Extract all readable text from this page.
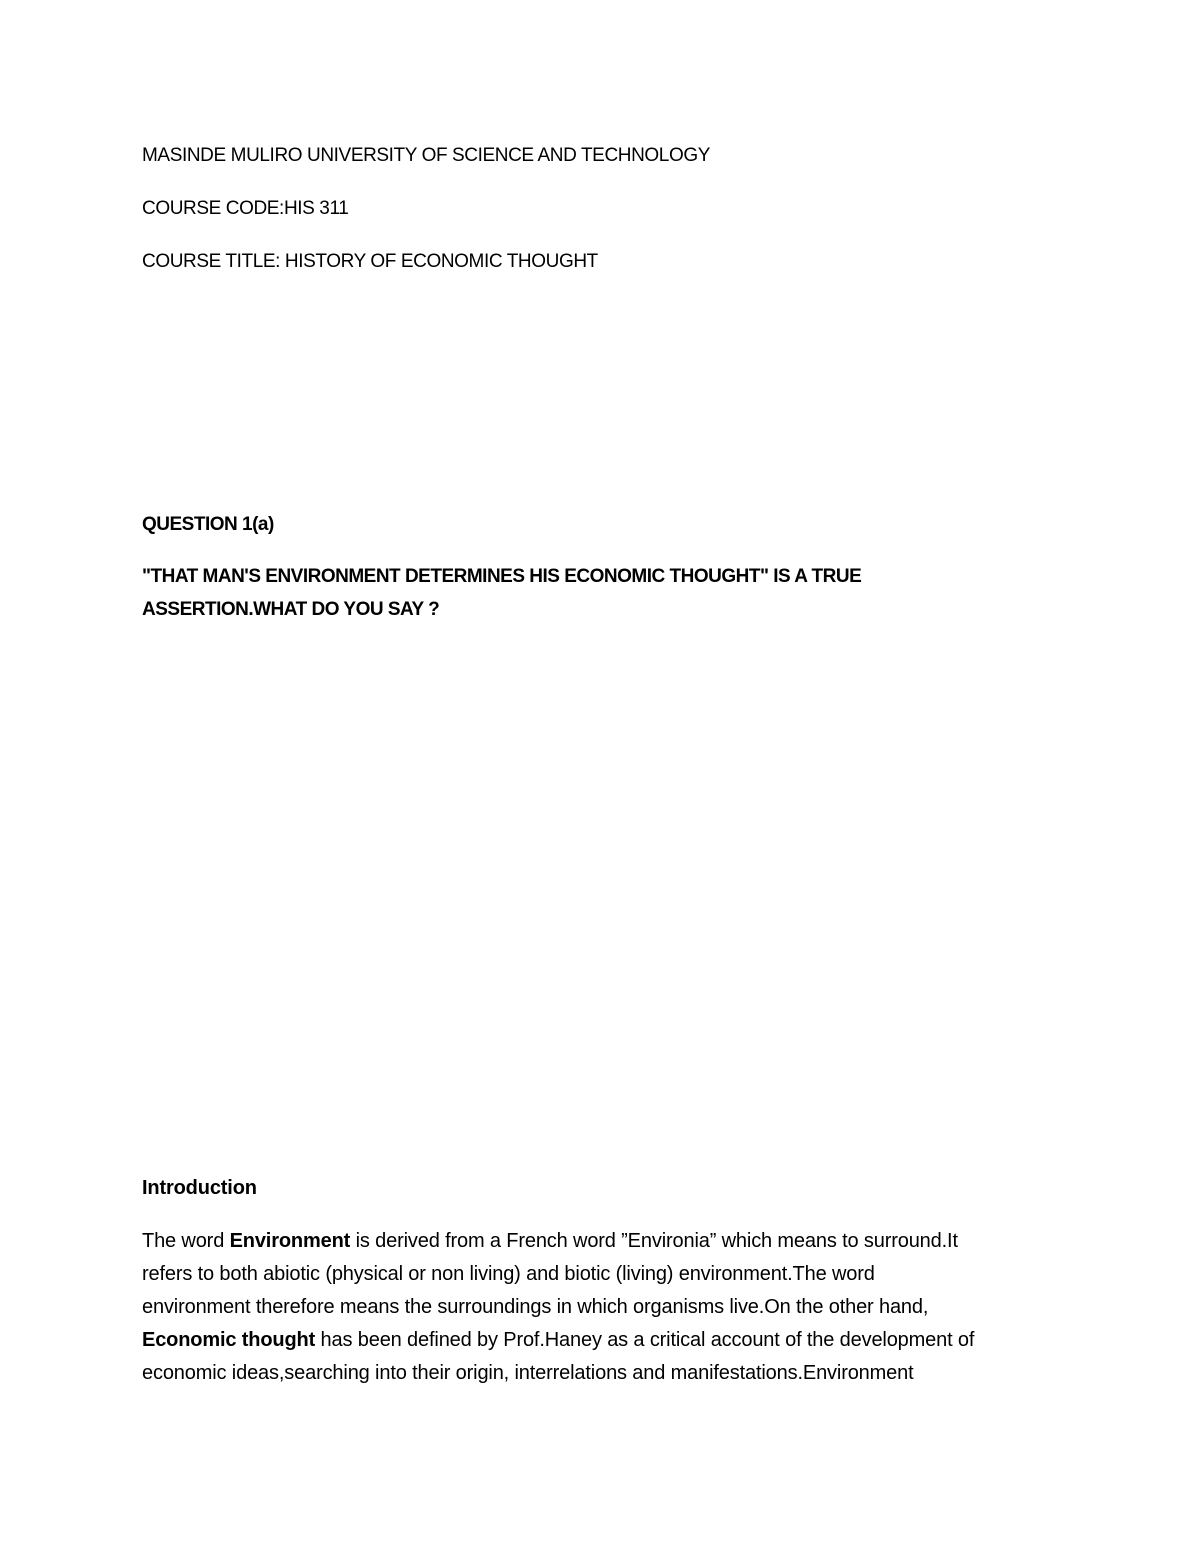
MASINDE MULIRO UNIVERSITY OF SCIENCE AND TECHNOLOGY
COURSE CODE:HIS 311
COURSE TITLE: HISTORY OF ECONOMIC THOUGHT
QUESTION 1(a)
"THAT MAN'S ENVIRONMENT DETERMINES HIS ECONOMIC THOUGHT" IS A TRUE
ASSERTION.WHAT DO YOU SAY ?
Introduction
The word Environment is derived from a French word ”Environia” which means to surround.It
refers to both abiotic (physical or non living) and biotic (living) environment.The word
environment therefore means the surroundings in which organisms live.On the other hand,
Economic thought has been defined by Prof.Haney as a critical account of the development of
economic ideas,searching into their origin, interrelations and manifestations.Environment
